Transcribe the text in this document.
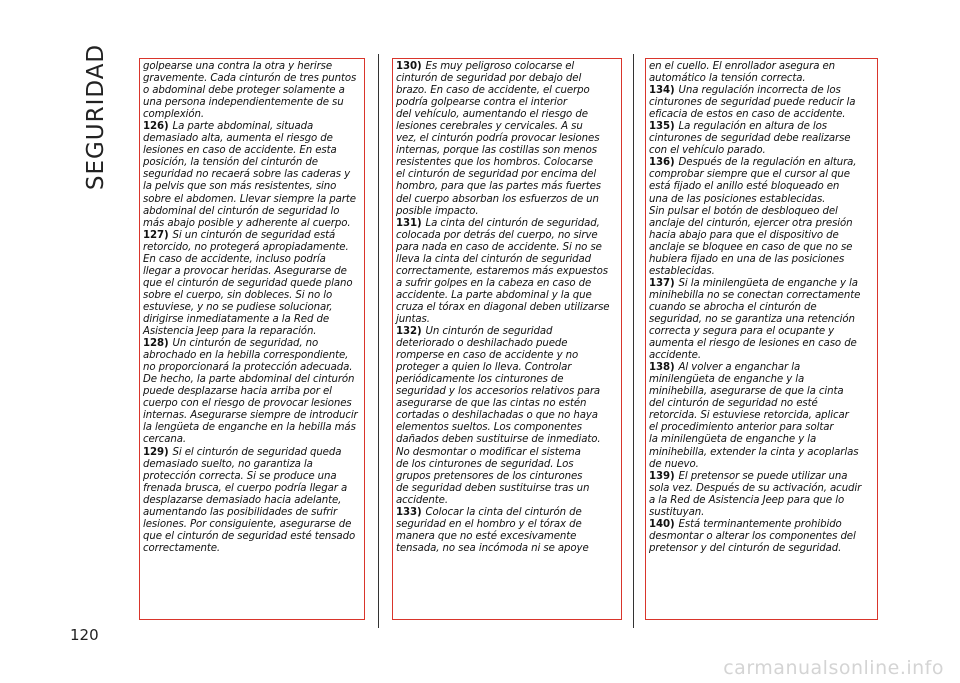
SEGURIDAD	golpearse una contra la otra y herirse
gravemente. Cada cinturón de tres puntos
o abdominal debe proteger solamente a
una persona independientemente de su
complexión.

126) La parte abdominal, situada
demasiado alta, aumenta el riesgo de
lesiones en caso de accidente. En esta
posición, la tensión del cinturón de
seguridad no recaerá sobre las caderas y
la pelvis que son más resistentes, sino
sobre el abdomen. Llevar siempre la parte
abdominal del cinturón de seguridad lo
más abajo posible y adherente al cuerpo.

127) Si un cinturón de seguridad está
retorcido, no protegerá apropiadamente.
En caso de accidente, incluso podría
llegar a provocar heridas. Asegurarse de
que el cinturón de seguridad quede plano
sobre el cuerpo, sin dobleces. Si no lo
estuviese, y no se pudiese solucionar,
dirigirse inmediatamente a la Red de
Asistencia Jeep para la reparación.

128) Un cinturón de seguridad, no
abrochado en la hebilla correspondiente,
no proporcionará la protección adecuada.
De hecho, la parte abdominal del cinturón
puede desplazarse hacia arriba por el
cuerpo con el riesgo de provocar lesiones
internas. Asegurarse siempre de introducir
la lengüeta de enganche en la hebilla más
cercana.

129) Si el cinturón de seguridad queda
demasiado suelto, no garantiza la
protección correcta. Si se produce una
frenada brusca, el cuerpo podría llegar a
desplazarse demasiado hacia adelante,
aumentando las posibilidades de sufrir
lesiones. Por consiguiente, asegurarse de
que el cinturón de seguridad esté tensado
correctamente.

130) Es muy peligroso colocarse el
cinturón de seguridad por debajo del
brazo. En caso de accidente, el cuerpo
podría golpearse contra el interior
del vehículo, aumentando el riesgo de
lesiones cerebrales y cervicales. A su
vez, el cinturón podría provocar lesiones
internas, porque las costillas son menos
resistentes que los hombros. Colocarse
el cinturón de seguridad por encima del
hombro, para que las partes más fuertes
del cuerpo absorban los esfuerzos de un
posible impacto.

131) La cinta del cinturón de seguridad,
colocada por detrás del cuerpo, no sirve
para nada en caso de accidente. Si no se
lleva la cinta del cinturón de seguridad
correctamente, estaremos más expuestos
a sufrir golpes en la cabeza en caso de
accidente. La parte abdominal y la que
cruza el tórax en diagonal deben utilizarse
juntas.

132) Un cinturón de seguridad
deteriorado o deshilachado puede
romperse en caso de accidente y no
proteger a quien lo lleva. Controlar
periódicamente los cinturones de
seguridad y los accesorios relativos para
asegurarse de que las cintas no estén
cortadas o deshilachadas o que no haya
elementos sueltos. Los componentes
dañados deben sustituirse de inmediato.
No desmontar o modificar el sistema
de los cinturones de seguridad. Los
grupos pretensores de los cinturones
de seguridad deben sustituirse tras un
accidente.

133) Colocar la cinta del cinturón de
seguridad en el hombro y el tórax de
manera que no esté excesivamente
tensada, no sea incómoda ni se apoye

en el cuello. El enrollador asegura en
automático la tensión correcta.

134) Una regulación incorrecta de los
cinturones de seguridad puede reducir la
eficacia de estos en caso de accidente.

135) La regulación en altura de los
cinturones de seguridad debe realizarse
con el vehículo parado.

136) Después de la regulación en altura,
comprobar siempre que el cursor al que
está fijado el anillo esté bloqueado en
una de las posiciones establecidas.
Sin pulsar el botón de desbloqueo del
anclaje del cinturón, ejercer otra presión
hacia abajo para que el dispositivo de
anclaje se bloquee en caso de que no se
hubiera fijado en una de las posiciones
establecidas.

137) Si la minilengüeta de enganche y la
minihebilla no se conectan correctamente
cuando se abrocha el cinturón de
seguridad, no se garantiza una retención
correcta y segura para el ocupante y
aumenta el riesgo de lesiones en caso de
accidente.

138) Al volver a enganchar la
minilengüeta de enganche y la
minihebilla, asegurarse de que la cinta
del cinturón de seguridad no esté
retorcida. Si estuviese retorcida, aplicar
el procedimiento anterior para soltar
la minilengüeta de enganche y la
minihebilla, extender la cinta y acoplarlas
de nuevo.

139) El pretensor se puede utilizar una
sola vez. Después de su activación, acudir
a la Red de Asistencia Jeep para que lo
sustituyan.

140) Está terminantemente prohibido
desmontar o alterar los componentes del
pretensor y del cinturón de seguridad.

120
carmanualsonline.info
